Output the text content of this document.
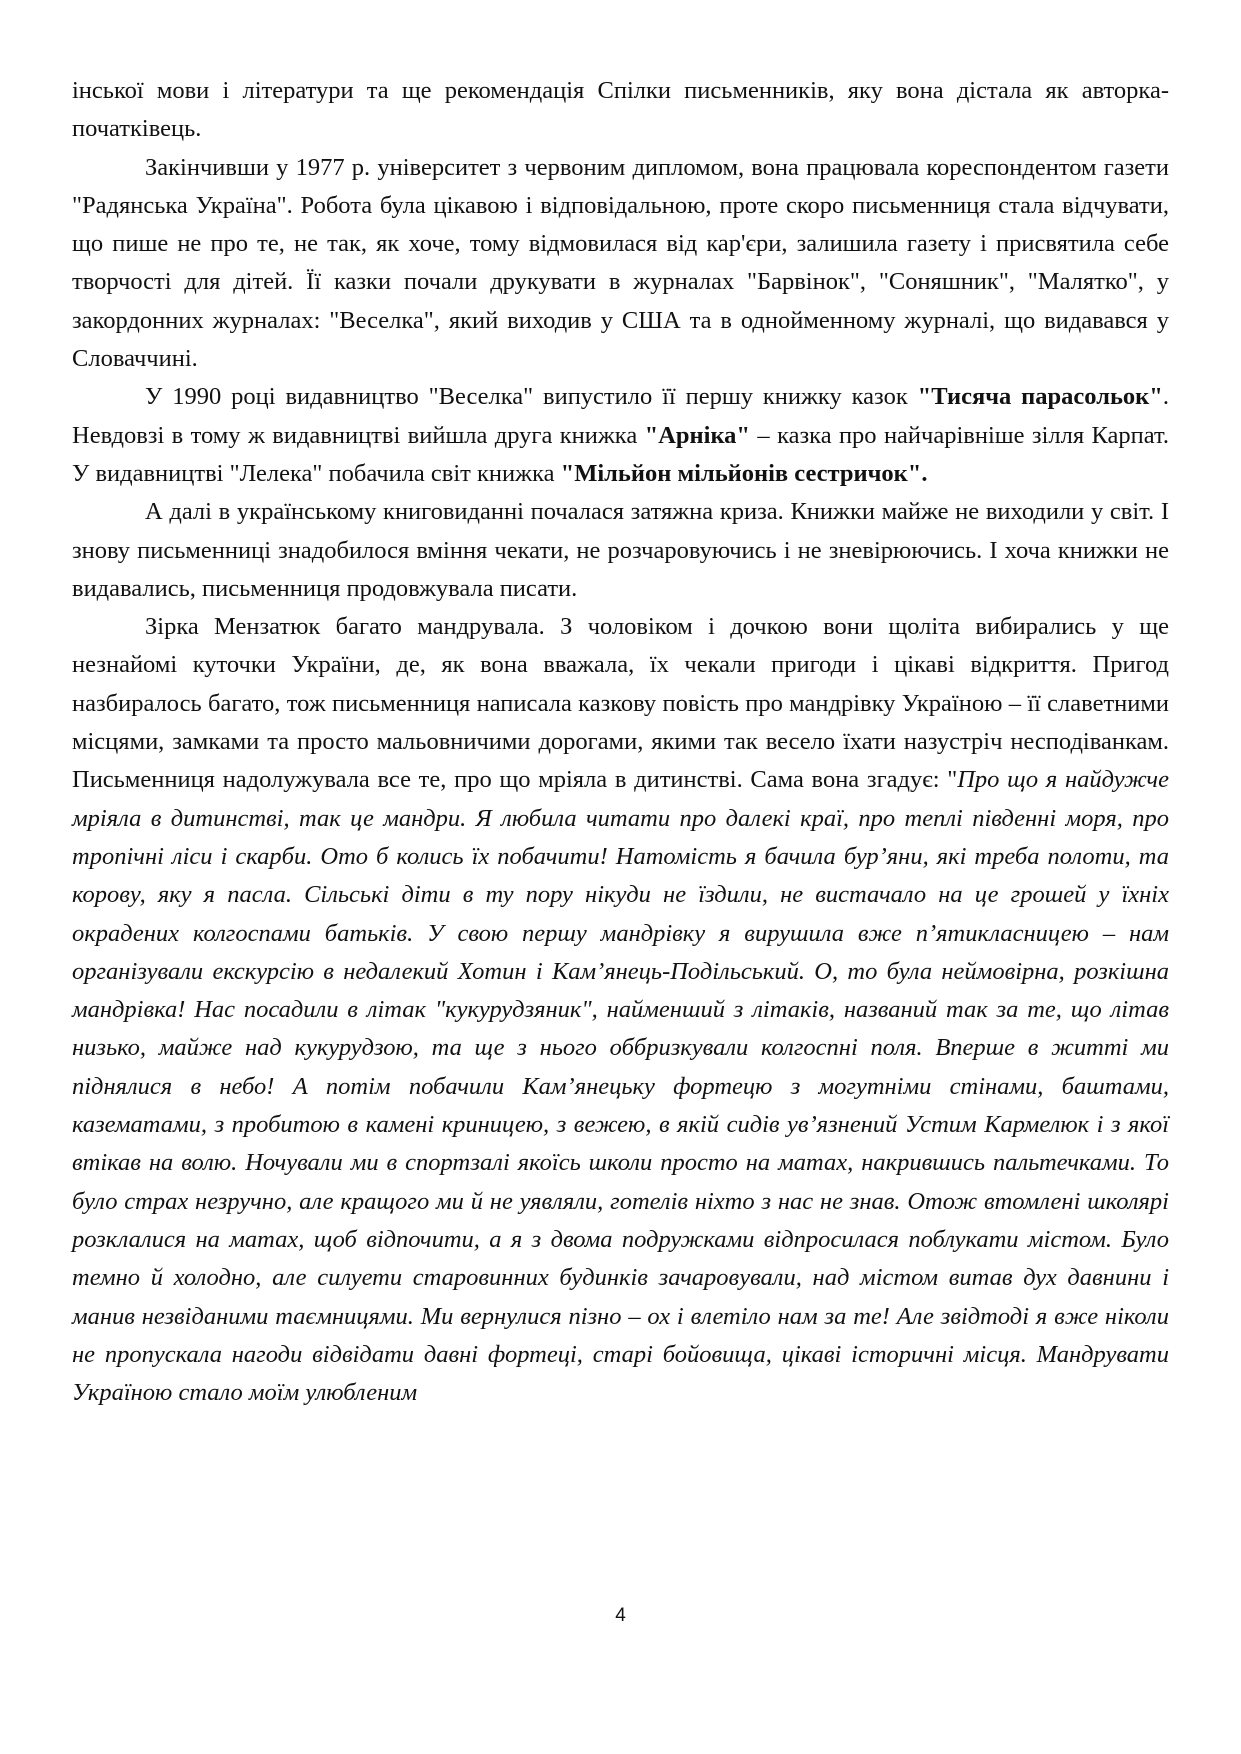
інської мови і літератури та ще рекомендація Спілки письменників, яку вона дістала як авторка-початківець.

Закінчивши у 1977 р. університет з червоним дипломом, вона працювала кореспондентом газети "Радянська Україна". Робота була цікавою і відповідальною, проте скоро письменниця стала відчувати, що пише не про те, не так, як хоче, тому відмовилася від кар'єри, залишила газету і присвятила себе творчості для дітей. Її казки почали друкувати в журналах "Барвінок", "Соняшник", "Малятко", у закордонних журналах: "Веселка", який виходив у США та в однойменному журналі, що видавався у Словаччині.

У 1990 році видавництво "Веселка" випустило її першу книжку казок "Тисяча парасольок". Невдовзі в тому ж видавництві вийшла друга книжка "Арніка" – казка про найчарівніше зілля Карпат. У видавництві "Лелека" побачила світ книжка "Мільйон мільйонів сестричок".

А далі в українському книговиданні почалася затяжна криза. Книжки майже не виходили у світ. І знову письменниці знадобилося вміння чекати, не розчаровуючись і не зневірюючись. І хоча книжки не видавались, письменниця продовжувала писати.

Зірка Мензатюк багато мандрувала. З чоловіком і дочкою вони щоліта вибирались у ще незнайомі куточки України, де, як вона вважала, їх чекали пригоди і цікаві відкриття. Пригод назбиралось багато, тож письменниця написала казкову повість про мандрівку Україною – її славетними місцями, замками та просто мальовничими дорогами, якими так весело їхати назустріч несподіванкам. Письменниця надолужувала все те, про що мріяла в дитинстві. Сама вона згадує: "Про що я найдужче мріяла в дитинстві, так це мандри. Я любила читати про далекі краї, про теплі південні моря, про тропічні ліси і скарби. Ото б колись їх побачити! Натомість я бачила бур’яни, які треба полоти, та корову, яку я пасла. Сільські діти в ту пору нікуди не їздили, не вистачало на це грошей у їхніх окрадених колгоспами батьків. У свою першу мандрівку я вирушила вже п’ятикласницею – нам організували екскурсію в недалекий Хотин і Кам’янець-Подільський. О, то була неймовірна, розкішна мандрівка! Нас посадили в літак "кукурудзяник", найменший з літаків, названий так за те, що літав низько, майже над кукурудзою, та ще з нього оббризкували колгоспні поля. Вперше в житті ми піднялися в небо! А потім побачили Кам’янецьку фортецю з могутніми стінами, баштами, казематами, з пробитою в камені криницею, з вежею, в якій сидів ув’язнений Устим Кармелюк і з якої втікав на волю. Ночували ми в спортзалі якоїсь школи просто на матах, накрившись пальтечками. То було страх незручно, але кращого ми й не уявляли, готелів ніхто з нас не знав. Отож втомлені школярі розклалися на матах, щоб відпочити, а я з двома подружками відпросилася поблукати містом. Було темно й холодно, але силуети старовинних будинків зачаровували, над містом витав дух давнини і манив незвіданими таємницями. Ми вернулися пізно – ох і влетіло нам за те! Але звідтоді я вже ніколи не пропускала нагоди відвідати давні фортеці, старі бойовища, цікаві історичні місця. Мандрувати Україною стало моїм улюбленим

4
